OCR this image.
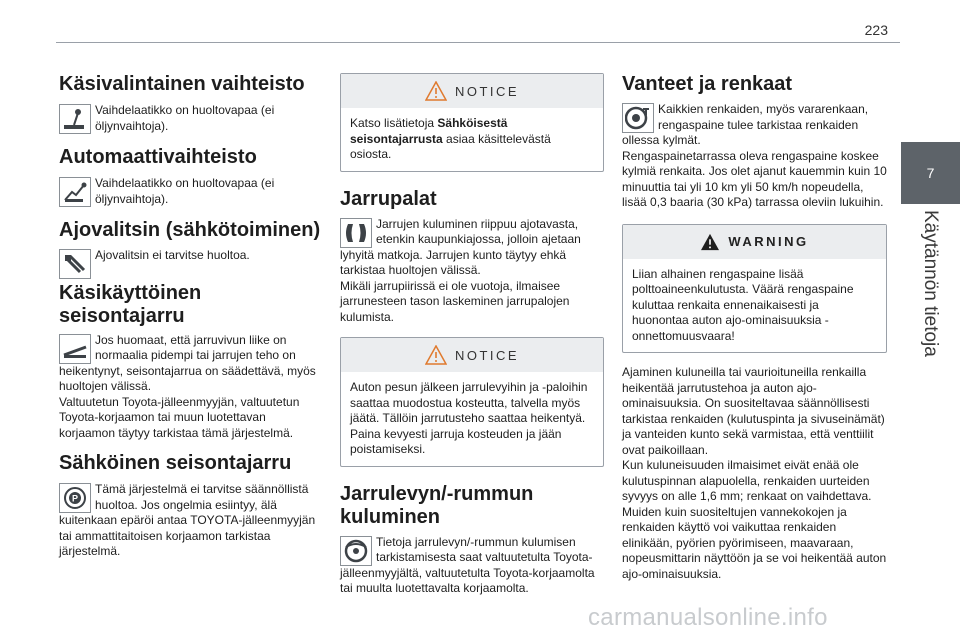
223
7
Käytännön tietoja
Käsivalintainen vaihteisto

Vaihdelaatikko on huoltovapaa (ei öljynvaihtoja).

Automaattivaihteisto

Vaihdelaatikko on huoltovapaa (ei öljynvaihtoja).

Ajovalitsin (sähkötoiminen)

Ajovalitsin ei tarvitse huoltoa.

Käsikäyttöinen seisontajarru

Jos huomaat, että jarruvivun liike on normaalia pidempi tai jarrujen teho on heikentynyt, seisontajarrua on säädettävä, myös huoltojen välissä.
Valtuutetun Toyota-jälleenmyyjän, valtuutetun Toyota-korjaamon tai muun luotettavan korjaamon täytyy tarkistaa tämä järjestelmä.

Sähköinen seisontajarru
P

Tämä järjestelmä ei tarvitse säännöllistä huoltoa. Jos ongelmia esiintyy, älä kuitenkaan epäröi antaa TOYOTA-jälleenmyyjän tai ammattitaitoisen korjaamon tarkistaa järjestelmä.

NOTICE
Katso lisätietoja Sähköisestä seisontajarrusta asiaa käsittelevästä osiosta.
Jarrupalat

Jarrujen kuluminen riippuu ajotavasta, etenkin kaupunkiajossa, jolloin ajetaan lyhyitä matkoja. Jarrujen kunto täytyy ehkä tarkistaa huoltojen välissä.
Mikäli jarrupiirissä ei ole vuotoja, ilmaisee jarrunesteen tason laskeminen jarrupalojen kulumista.

NOTICE
Auton pesun jälkeen jarrulevyihin ja -paloihin saattaa muodostua kosteutta, talvella myös jäätä. Tällöin jarrutusteho saattaa heikentyä. Paina kevyesti jarruja kosteuden ja jään poistamiseksi.
Jarrulevyn/-rummun kuluminen

Tietoja jarrulevyn/-rummun kulumisen tarkistamisesta saat valtuutetulta Toyota-jälleenmyyjältä, valtuutetulta Toyota-korjaamolta tai muulta luotettavalta korjaamolta.

Vanteet ja renkaat

Kaikkien renkaiden, myös vararenkaan, rengaspaine tulee tarkistaa renkaiden ollessa kylmät.
Rengaspainetarrassa oleva rengaspaine koskee kylmiä renkaita. Jos olet ajanut kauemmin kuin 10 minuuttia tai yli 10 km yli 50 km/h nopeudella, lisää 0,3 baaria (30 kPa) tarrassa oleviin lukuihin.

WARNING
Liian alhainen rengaspaine lisää polttoaineenkulutusta. Väärä rengaspaine kuluttaa renkaita ennenaikaisesti ja huonontaa auton ajo-ominaisuuksia - onnettomuusvaara!

Ajaminen kuluneilla tai vaurioituneilla renkailla heikentää jarrutustehoa ja auton ajo-ominaisuuksia. On suositeltavaa säännöllisesti tarkistaa renkaiden (kulutuspinta ja sivuseinämät) ja vanteiden kunto sekä varmistaa, että venttiilit ovat paikoillaan.
Kun kuluneisuuden ilmaisimet eivät enää ole kulutuspinnan alapuolella, renkaiden uurteiden syvyys on alle 1,6 mm; renkaat on vaihdettava.
Muiden kuin suositeltujen vannekokojen ja renkaiden käyttö voi vaikuttaa renkaiden elinikään, pyörien pyörimiseen, maavaraan, nopeusmittarin näyttöön ja se voi heikentää auton ajo-ominaisuuksia.

carmanualsonline.info
